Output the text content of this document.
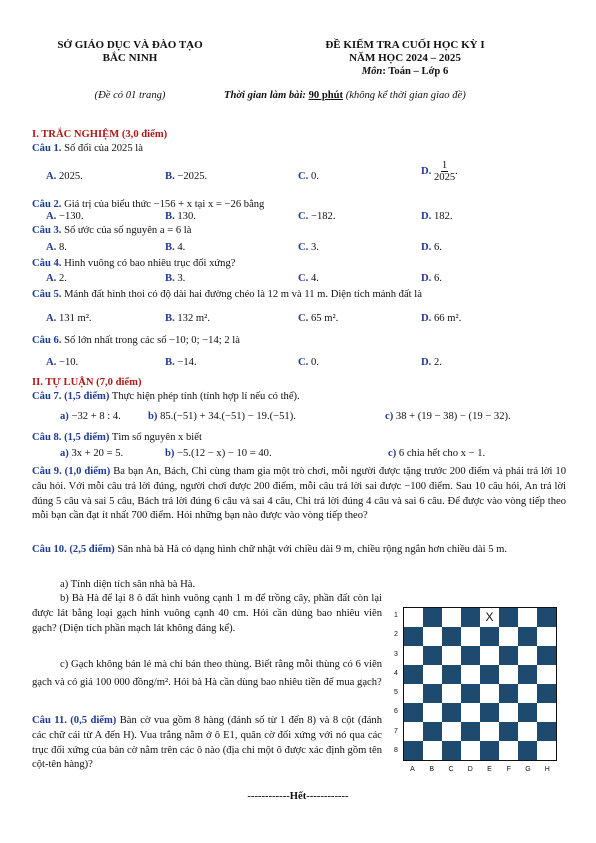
SỞ GIÁO DỤC VÀ ĐÀO TẠO
BẮC NINH
ĐỀ KIỂM TRA CUỐI HỌC KỲ I
NĂM HỌC 2024 – 2025
Môn: Toán – Lớp 6
(Đề có 01 trang)	Thời gian làm bài: 90 phút (không kể thời gian giao đề)
I. TRẮC NGHIỆM (3,0 điểm)
Câu 1. Số đối của 2025 là
A. 2025.	B. −2025.	C. 0.	D. $\frac{1}{2025}$ .
Câu 2. Giá trị của biểu thức −156 + x tại x = −26 bằng
A. −130.	B. 130.	C. −182.	D. 182.
Câu 3. Số ước của số nguyên a = 6 là
A. 8.	B. 4.	C. 3.	D. 6.
Câu 4. Hình vuông có bao nhiêu trục đối xứng?
A. 2.	B. 3.	C. 4.	D. 6.
Câu 5. Mảnh đất hình thoi có độ dài hai đường chéo là 12 m và 11 m. Diện tích mảnh đất là
A. 131 m².	B. 132 m².	C. 65 m².	D. 66 m².
Câu 6. Số lớn nhất trong các số −10; 0; −14; 2 là
A. −10.	B. −14.	C. 0.	D. 2.
II. TỰ LUẬN (7,0 điểm)
Câu 7. (1,5 điểm) Thực hiện phép tính (tính hợp lí nếu có thể).
a) −32 + 8 : 4.	b) 85.(−51) + 34.(−51) − 19.(−51).	c) 38 + (19 − 38) − (19 − 32).
Câu 8. (1,5 điểm) Tìm số nguyên x biết
a) 3x + 20 = 5.	b) −5.(12 − x) − 10 = 40.	c) 6 chia hết cho x − 1.
Câu 9. (1,0 điểm) Ba bạn An, Bách, Chi cùng tham gia một trò chơi, mỗi người được tặng trước 200 điểm và phải trả lời 10 câu hỏi. Với mỗi câu trả lời đúng, người chơi được 200 điểm, mỗi câu trả lời sai được −100 điểm. Sau 10 câu hỏi, An trả lời đúng 5 câu và sai 5 câu, Bách trả lời đúng 6 câu và sai 4 câu, Chi trả lời đúng 4 câu và sai 6 câu. Để được vào vòng tiếp theo mỗi bạn cần đạt ít nhất 700 điểm. Hỏi những bạn nào được vào vòng tiếp theo?
Câu 10. (2,5 điểm) Sân nhà bà Hà có dạng hình chữ nhật với chiều dài 9 m, chiều rộng ngắn hơn chiều dài 5 m.
a) Tính diện tích sân nhà bà Hà.
b) Bà Hà để lại 8 ô đất hình vuông cạnh 1 m để trồng cây, phần đất còn lại được lát bằng loại gạch hình vuông cạnh 40 cm. Hỏi cần dùng bao nhiêu viên gạch? (Diện tích phần mạch lát không đáng kể).
c) Gạch không bán lẻ mà chỉ bán theo thùng. Biết rằng mỗi thùng có 6 viên gạch và có giá 100 000 đồng/m². Hỏi bà Hà cần dùng bao nhiêu tiền để mua gạch?
Câu 11. (0,5 điểm) Bàn cờ vua gồm 8 hàng (đánh số từ 1 đến 8) và 8 cột (đánh các chữ cái từ A đến H). Vua trắng nằm ở ô E1, quân cờ đối xứng với nó qua các trục đối xứng của bàn cờ nằm trên các ô nào (địa chỉ một ô được xác định gồm tên cột-tên hàng)?
X
1
2
3
4
5
6
7
8
A	B	C	D	E	F	G	H
------------Hết------------
